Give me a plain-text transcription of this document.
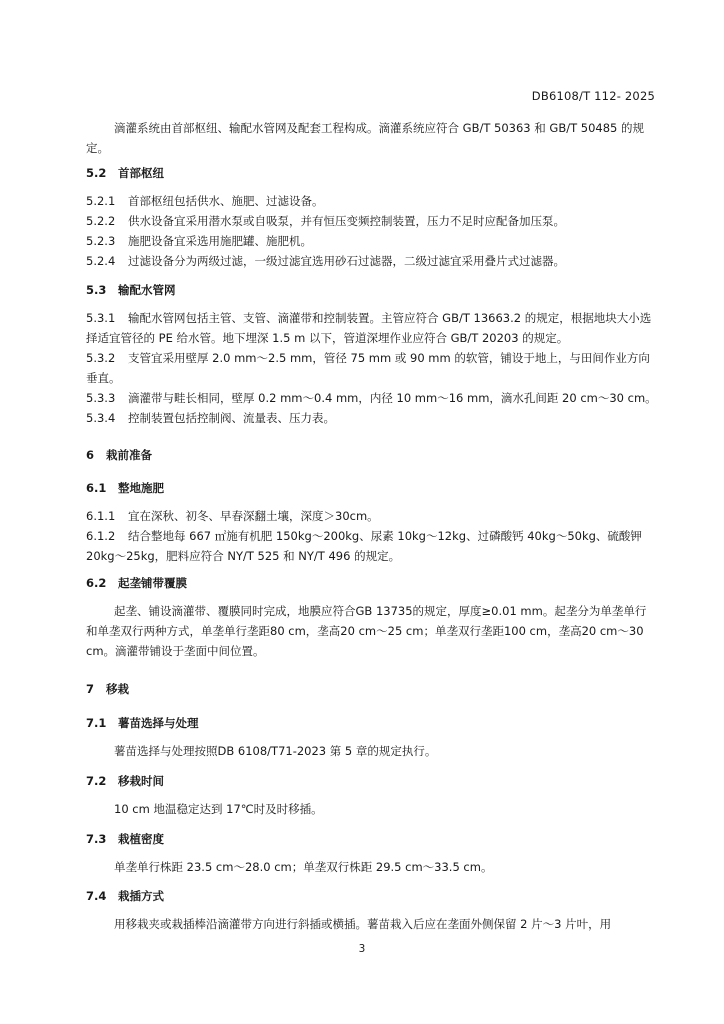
DB6108/T 112- 2025
滴灌系统由首部枢纽、输配水管网及配套工程构成。滴灌系统应符合 GB/T 50363 和 GB/T 50485 的规定。
5.2 首部枢纽
5.2.1 首部枢纽包括供水、施肥、过滤设备。
5.2.2 供水设备宜采用潜水泵或自吸泵，并有恒压变频控制装置，压力不足时应配备加压泵。
5.2.3 施肥设备宜采选用施肥罐、施肥机。
5.2.4 过滤设备分为两级过滤，一级过滤宜选用砂石过滤器，二级过滤宜采用叠片式过滤器。
5.3 输配水管网
5.3.1 输配水管网包括主管、支管、滴灌带和控制装置。主管应符合 GB/T 13663.2 的规定，根据地块大小选择适宜管径的 PE 给水管。地下埋深 1.5 m 以下，管道深埋作业应符合 GB/T 20203 的规定。
5.3.2 支管宜采用壁厚 2.0 mm～2.5 mm，管径 75 mm 或 90 mm 的软管，铺设于地上，与田间作业方向垂直。
5.3.3 滴灌带与畦长相同，壁厚 0.2 mm～0.4 mm，内径 10 mm～16 mm，滴水孔间距 20 cm～30 cm。
5.3.4 控制装置包括控制阀、流量表、压力表。
6 栽前准备
6.1 整地施肥
6.1.1 宜在深秋、初冬、早春深翻土壤，深度＞30cm。
6.1.2 结合整地每 667 ㎡施有机肥 150kg～200kg、尿素 10kg～12kg、过磷酸钙 40kg～50kg、硫酸钾 20kg～25kg，肥料应符合 NY/T 525 和 NY/T 496 的规定。
6.2 起垄铺带覆膜
起垄、铺设滴灌带、覆膜同时完成，地膜应符合GB 13735的规定，厚度≥0.01 mm。起垄分为单垄单行和单垄双行两种方式，单垄单行垄距80 cm，垄高20 cm～25 cm；单垄双行垄距100 cm，垄高20 cm～30 cm。滴灌带铺设于垄面中间位置。
7 移栽
7.1 薯苗选择与处理
薯苗选择与处理按照DB 6108/T71-2023 第 5 章的规定执行。
7.2 移栽时间
10 cm 地温稳定达到 17℃时及时移插。
7.3 栽植密度
单垄单行株距 23.5 cm～28.0 cm；单垄双行株距 29.5 cm～33.5 cm。
7.4 栽插方式
用移栽夹或栽插棒沿滴灌带方向进行斜插或横插。薯苗栽入后应在垄面外侧保留 2 片～3 片叶，用
3
